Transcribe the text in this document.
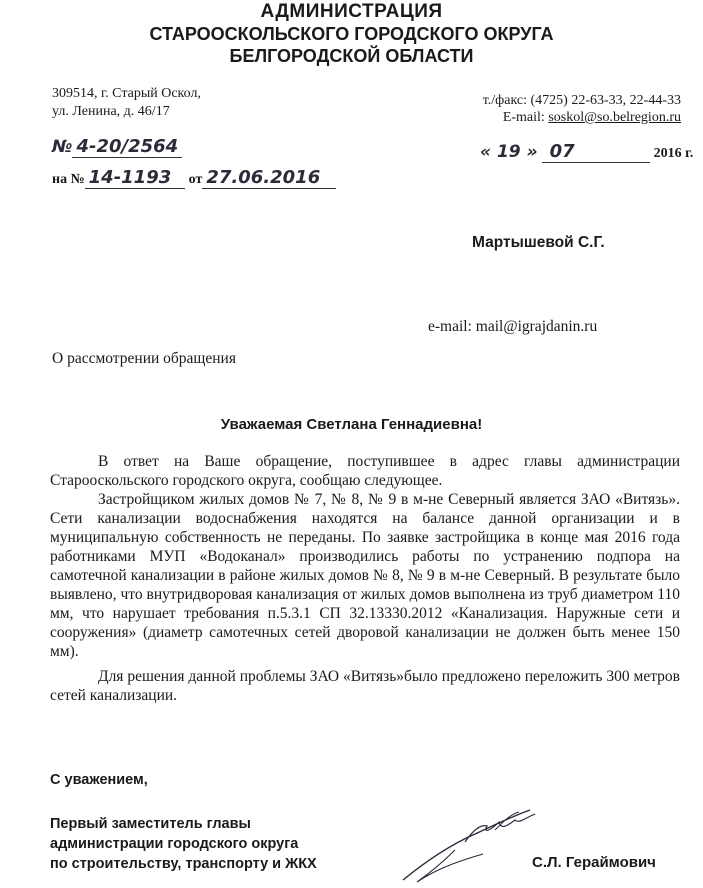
АДМИНИСТРАЦИЯ
СТАРООСКОЛЬСКОГО ГОРОДСКОГО ОКРУГА
БЕЛГОРОДСКОЙ ОБЛАСТИ
309514, г. Старый Оскол,
ул. Ленина, д. 46/17
т./факс: (4725) 22-63-33, 22-44-33
E-mail: soskol@so.belregion.ru
№ 4-20/2564	« 19 » 07	2016 г.
на № 14-1193 от 27.06.2016
Мартышевой С.Г.
e-mail: mail@igrajdanin.ru
О рассмотрении обращения
Уважаемая Светлана Геннадиевна!

В ответ на Ваше обращение, поступившее в адрес главы администрации Старооскольского городского округа, сообщаю следующее.

Застройщиком жилых домов № 7, № 8, № 9 в м-не Северный является ЗАО «Витязь». Сети канализации водоснабжения находятся на балансе данной организации и в муниципальную собственность не переданы. По заявке застройщика в конце мая 2016 года работниками МУП «Водоканал» производились работы по устранению подпора на самотечной канализации в районе жилых домов № 8, № 9 в м-не Северный. В результате было выявлено, что внутридворовая канализация от жилых домов выполнена из труб диаметром 110 мм, что нарушает требования п.5.3.1 СП 32.13330.2012 «Канализация. Наружные сети и сооружения» (диаметр самотечных сетей дворовой канализации не должен быть менее 150 мм).

Для решения данной проблемы ЗАО «Витязь»было предложено переложить 300 метров сетей канализации.

С уважением,
Первый заместитель главы
администрации городского округа
по строительству, транспорту и ЖКХ	С.Л. Гераймович
